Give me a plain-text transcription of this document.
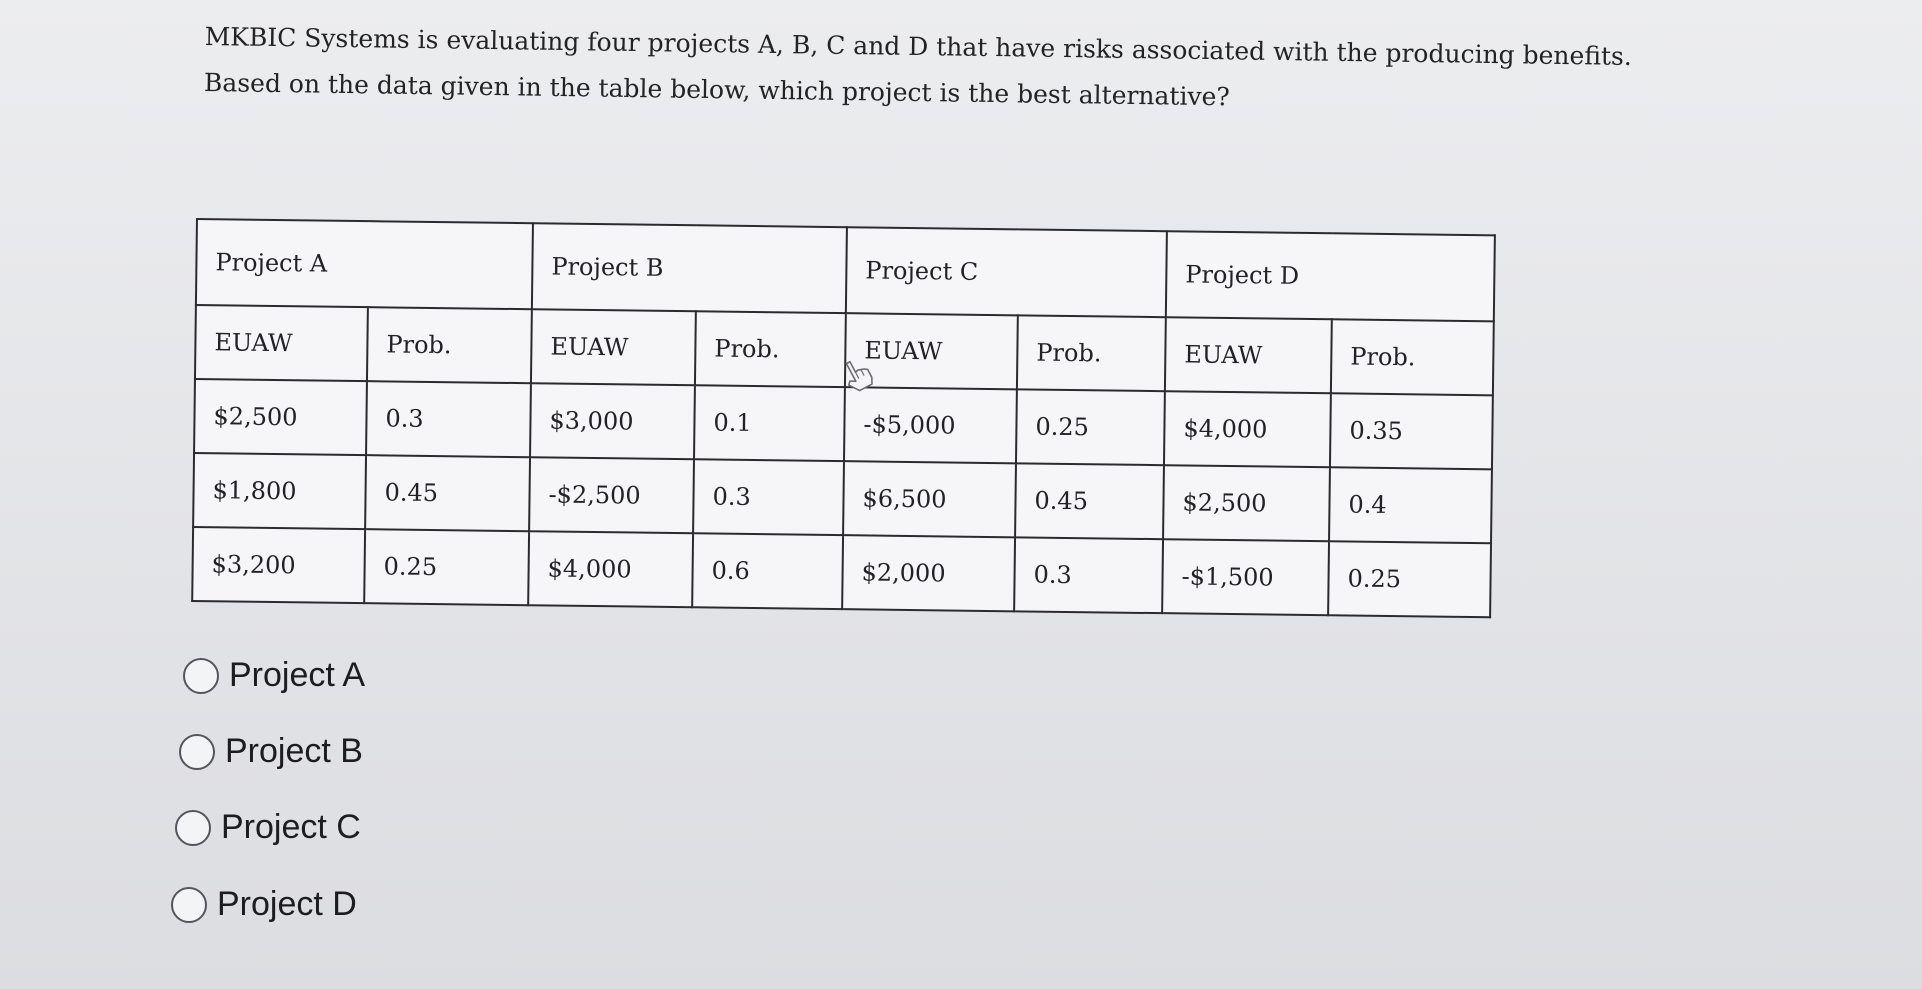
MKBIC Systems is evaluating four projects A, B, C and D that have risks associated with the producing benefits. Based on the data given in the table below, which project is the best alternative?

Project A		Project B		Project C		Project D	
EUAW	Prob.	EUAW	Prob.	EUAW	Prob.	EUAW	Prob.
$2,500	0.3	$3,000	0.1	-$5,000	0.25	$4,000	0.35
$1,800	0.45	-$2,500	0.3	$6,500	0.45	$2,500	0.4
$3,200	0.25	$4,000	0.6	$2,000	0.3	-$1,500	0.25
Project A
Project B
Project C
Project D
